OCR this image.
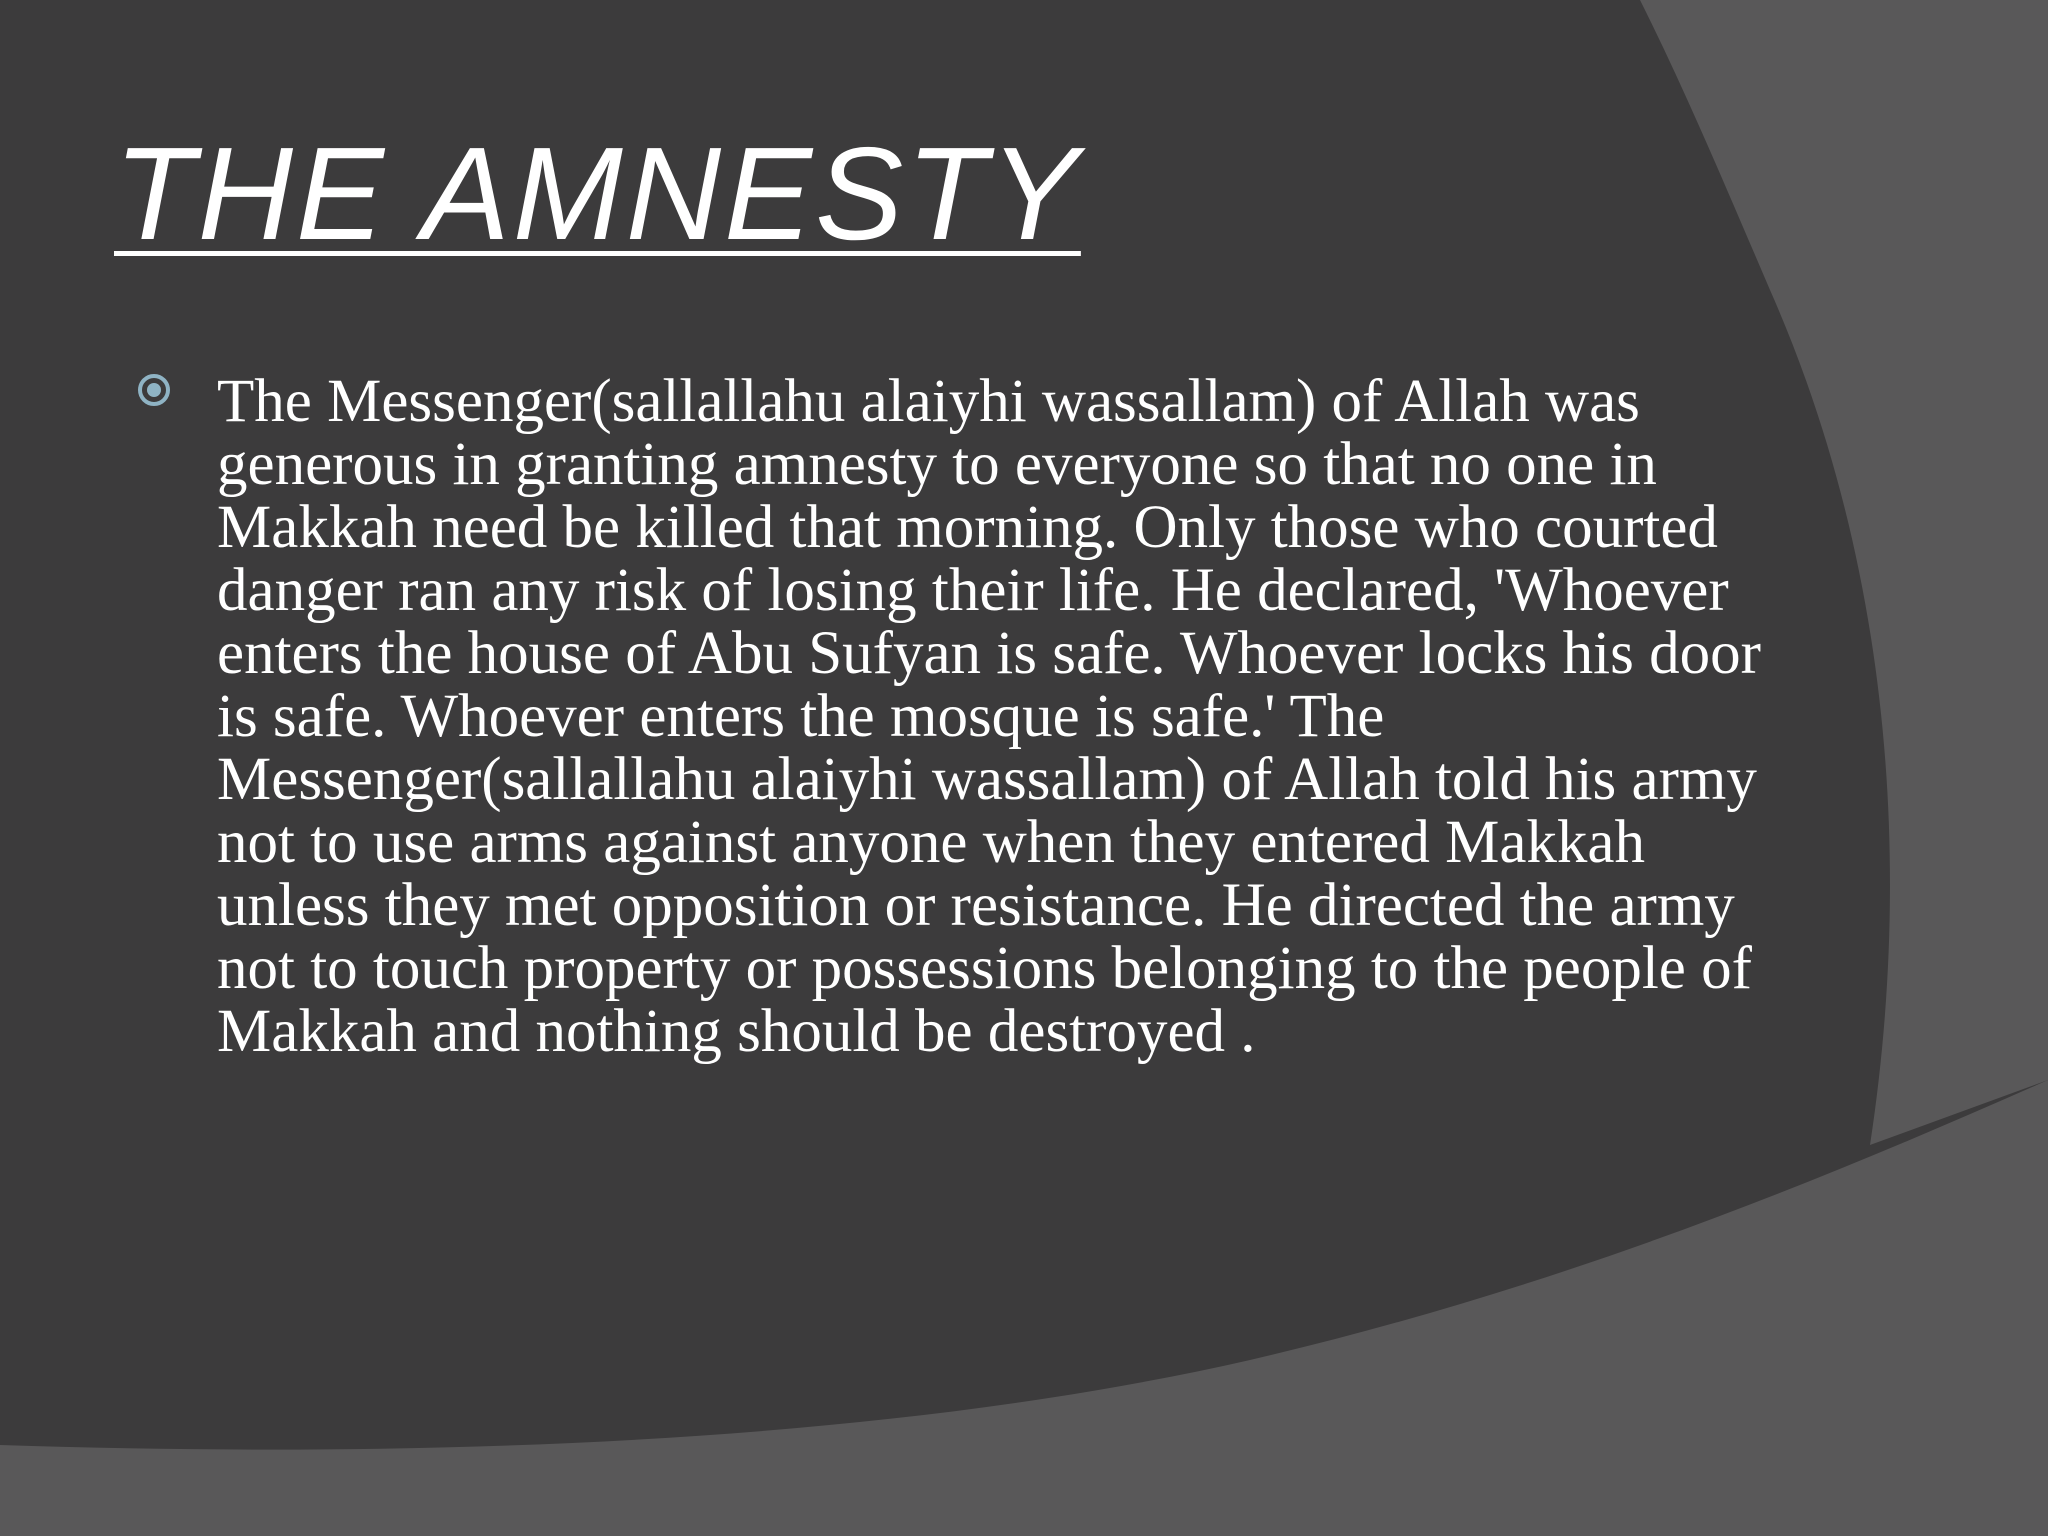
THE AMNESTY

The Messenger(sallallahu alaiyhi wassallam) of Allah was generous in granting amnesty to everyone so that no one in Makkah need be killed that morning. Only those who courted danger ran any risk of losing their life. He declared, 'Whoever enters the house of Abu Sufyan is safe. Whoever locks his door is safe. Whoever enters the mosque is safe.' The Messenger(sallallahu alaiyhi wassallam) of Allah told his army not to use arms against anyone when they entered Makkah unless they met opposition or resistance. He directed the army not to touch property or possessions belonging to the people of Makkah and nothing should be destroyed .
